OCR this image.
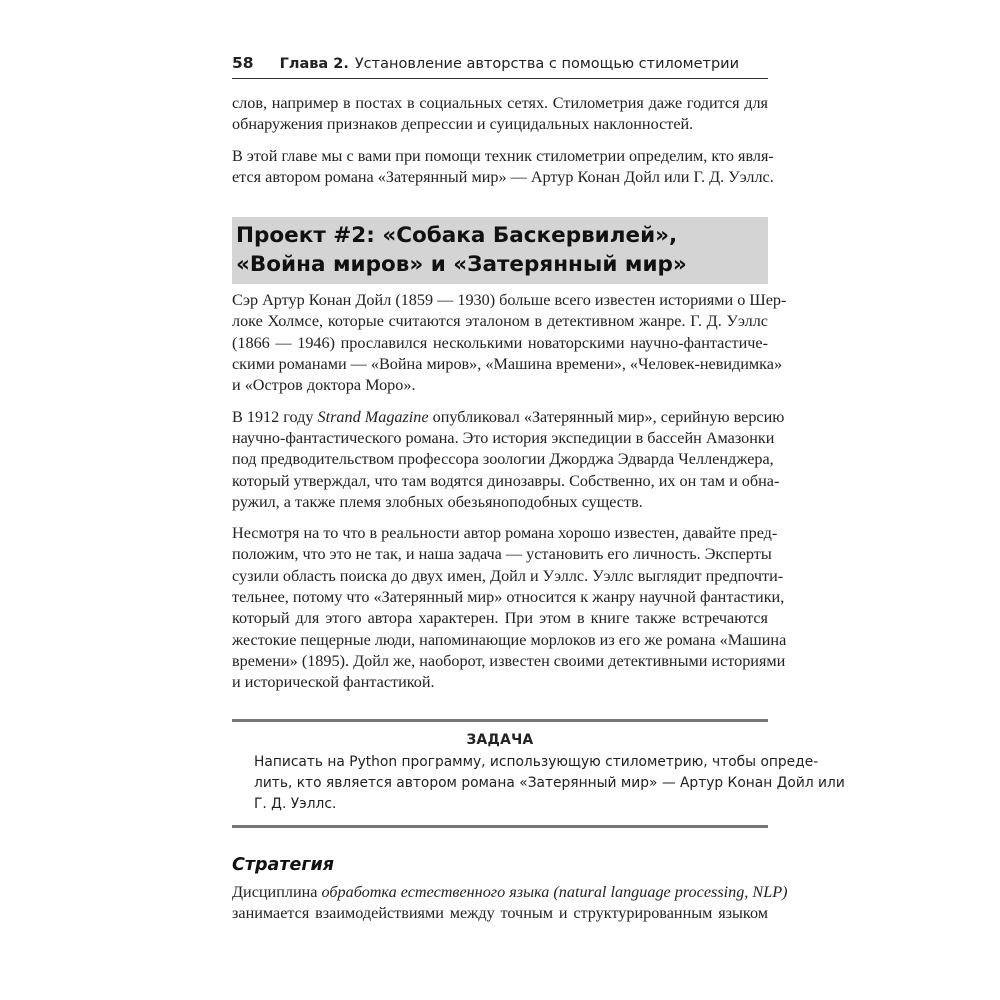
58 Глава 2. Установление авторства с помощью стилометрии
слов, например в постах в социальных сетях. Стилометрия даже годится для
обнаружения признаков депрессии и суицидальных наклонностей.
В этой главе мы с вами при помощи техник стилометрии определим, кто явля-
ется автором романа «Затерянный мир» — Артур Конан Дойл или Г. Д. Уэллс.
Проект #2: «Собака Баскервилей»,
«Война миров» и «Затерянный мир»
Сэр Артур Конан Дойл (1859 — 1930) больше всего известен историями о Шер-
локе Холмсе, которые считаются эталоном в детективном жанре. Г. Д. Уэллс
(1866 — 1946) прославился несколькими новаторскими научно-фантастиче-
скими романами — «Война миров», «Машина времени», «Человек-невидимка»
и «Остров доктора Моро».
В 1912 году Strand Magazine опубликовал «Затерянный мир», серийную версию
научно-фантастического романа. Это история экспедиции в бассейн Амазонки
под предводительством профессора зоологии Джорджа Эдварда Челленджера,
который утверждал, что там водятся динозавры. Собственно, их он там и обна-
ружил, а также племя злобных обезьяноподобных существ.
Несмотря на то что в реальности автор романа хорошо известен, давайте пред-
положим, что это не так, и наша задача — установить его личность. Эксперты
сузили область поиска до двух имен, Дойл и Уэллс. Уэллс выглядит предпочти-
тельнее, потому что «Затерянный мир» относится к жанру научной фантастики,
который для этого автора характерен. При этом в книге также встречаются
жестокие пещерные люди, напоминающие морлоков из его же романа «Машина
времени» (1895). Дойл же, наоборот, известен своими детективными историями
и исторической фантастикой.
ЗАДАЧА
Написать на Python программу, использующую стилометрию, чтобы опреде-
лить, кто является автором романа «Затерянный мир» — Артур Конан Дойл или
Г. Д. Уэллс.
Стратегия
Дисциплина обработка естественного языка (natural language processing, NLP)
занимается взаимодействиями между точным и структурированным языком
